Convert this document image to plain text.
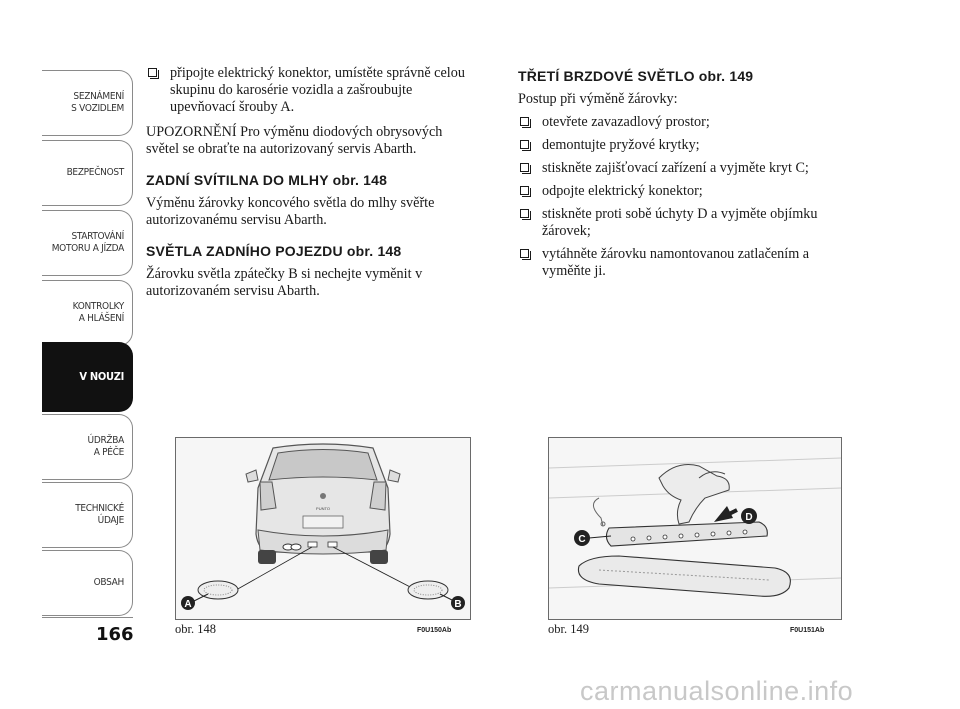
SEZNÁMENÍ
S VOZIDLEM
BEZPEČNOST
STARTOVÁNÍ
MOTORU A JÍZDA
KONTROLKY
A HLÁŠENÍ
V NOUZI
ÚDRŽBA
A PÉČE
TECHNICKÉ
ÚDAJE
OBSAH
166
připojte elektrický konektor, umístěte správně celou skupinu do karosérie vozidla a zašroubujte upevňovací šrouby A.

UPOZORNĚNÍ Pro výměnu diodových obrysových světel se obraťte na autorizovaný servis Abarth.

ZADNÍ SVÍTILNA DO MLHY obr. 148

Výměnu žárovky koncového světla do mlhy svěřte autorizovanému servisu Abarth.

SVĚTLA ZADNÍHO POJEZDU obr. 148

Žárovku světla zpátečky B si nechejte vyměnit v autorizovaném servisu Abarth.

TŘETÍ BRZDOVÉ SVĚTLO obr. 149

Postup při výměně žárovky:

otevřete zavazadlový prostor;
demontujte pryžové krytky;
stiskněte zajišťovací zařízení a vyjměte kryt C;
odpojte elektrický konektor;
stiskněte proti sobě úchyty D a vyjměte objímku žárovek;
vytáhněte žárovku namontovanou zatlačením a vyměňte ji.
PUNTO
A	B
obr. 148	F0U150Ab
D
C
obr. 149	F0U151Ab
carmanualsonline.info
